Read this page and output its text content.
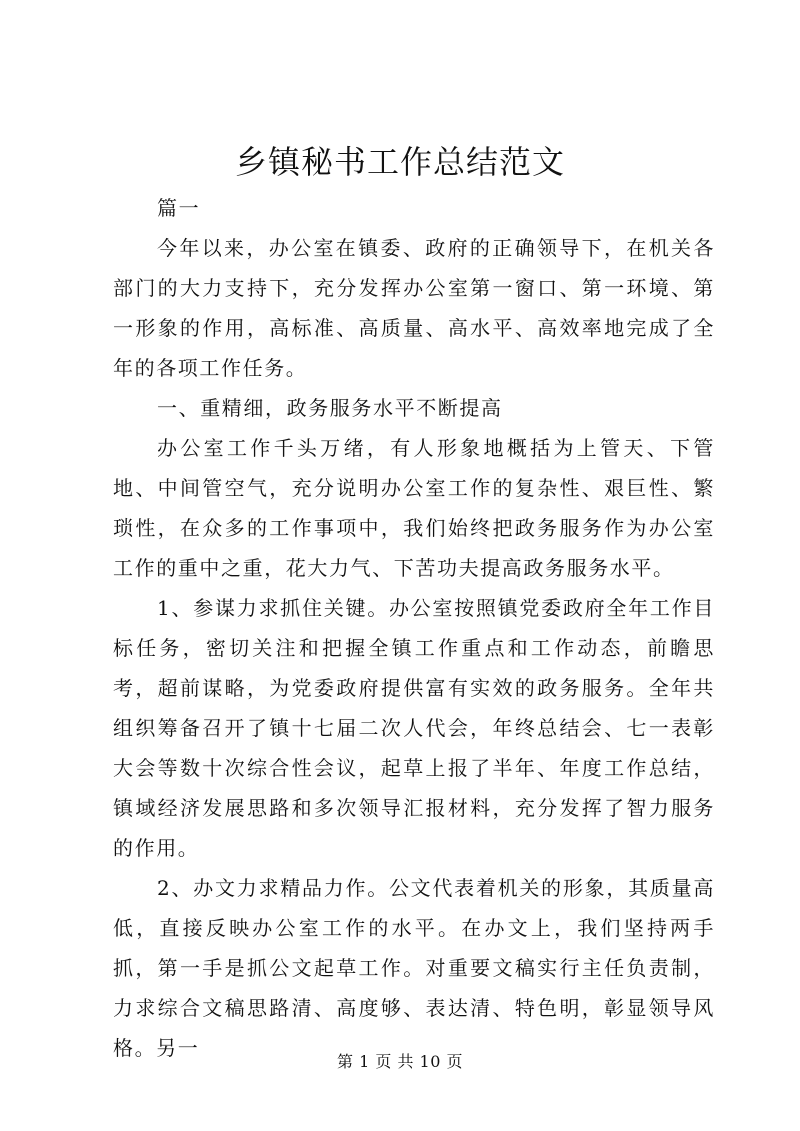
乡镇秘书工作总结范文

篇一

今年以来，办公室在镇委、政府的正确领导下，在机关各部门的大力支持下，充分发挥办公室第一窗口、第一环境、第一形象的作用，高标准、高质量、高水平、高效率地完成了全年的各项工作任务。

一、重精细，政务服务水平不断提高

办公室工作千头万绪，有人形象地概括为上管天、下管地、中间管空气，充分说明办公室工作的复杂性、艰巨性、繁琐性，在众多的工作事项中，我们始终把政务服务作为办公室工作的重中之重，花大力气、下苦功夫提高政务服务水平。

1、参谋力求抓住关键。办公室按照镇党委政府全年工作目标任务，密切关注和把握全镇工作重点和工作动态，前瞻思考，超前谋略，为党委政府提供富有实效的政务服务。全年共组织筹备召开了镇十七届二次人代会，年终总结会、七一表彰大会等数十次综合性会议，起草上报了半年、年度工作总结，镇域经济发展思路和多次领导汇报材料，充分发挥了智力服务的作用。

2、办文力求精品力作。公文代表着机关的形象，其质量高低，直接反映办公室工作的水平。在办文上，我们坚持两手抓，第一手是抓公文起草工作。对重要文稿实行主任负责制，力求综合文稿思路清、高度够、表达清、特色明，彰显领导风格。另一

第 1 页 共 10 页
